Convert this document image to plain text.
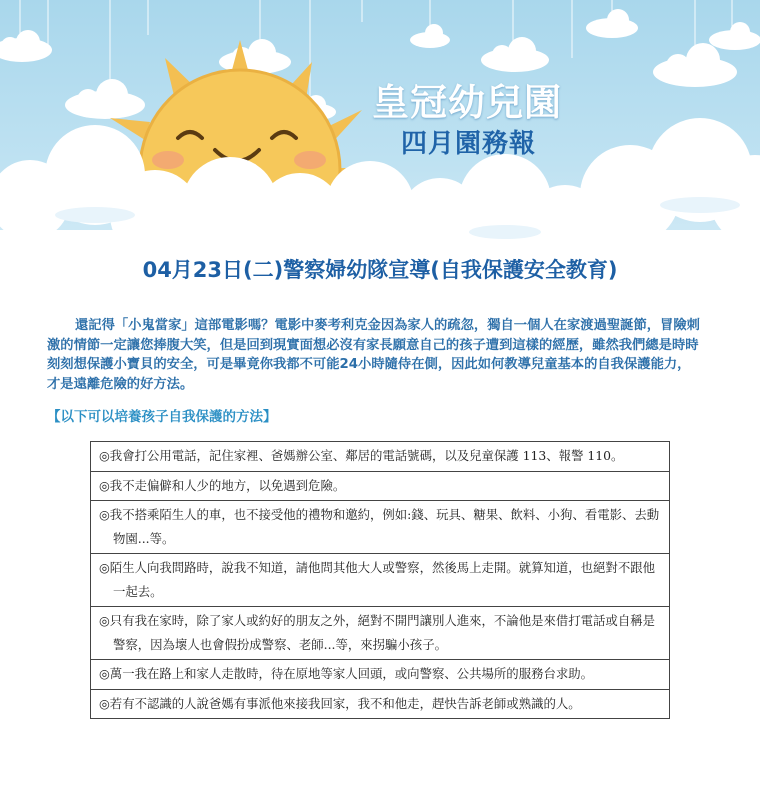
皇冠幼兒園
四月園務報
04月23日(二)警察婦幼隊宣導(自我保護安全教育)

還記得「小鬼當家」這部電影嗎？電影中麥考利克金因為家人的疏忽，獨自一個人在家渡過聖誕節，冒險刺激的情節一定讓您捧腹大笑，但是回到現實面想必沒有家長願意自己的孩子遭到這樣的經歷，雖然我們總是時時刻刻想保護小寶貝的安全，可是畢竟你我都不可能24小時隨侍在側，因此如何教導兒童基本的自我保護能力，才是遠離危險的好方法。

【以下可以培養孩子自我保護的方法】
◎我會打公用電話，記住家裡、爸媽辦公室、鄰居的電話號碼，以及兒童保護 113、報警 110。
◎我不走偏僻和人少的地方，以免遇到危險。
◎我不搭乘陌生人的車，也不接受他的禮物和邀約，例如:錢、玩具、糖果、飲料、小狗、看電影、去動物園...等。
◎陌生人向我問路時，說我不知道，請他問其他大人或警察，然後馬上走開。就算知道，也絕對不跟他一起去。
◎只有我在家時，除了家人或約好的朋友之外，絕對不開門讓別人進來，不論他是來借打電話或自稱是警察，因為壞人也會假扮成警察、老師...等，來拐騙小孩子。
◎萬一我在路上和家人走散時，待在原地等家人回頭，或向警察、公共場所的服務台求助。
◎若有不認識的人說爸媽有事派他來接我回家，我不和他走，趕快告訴老師或熟識的人。
